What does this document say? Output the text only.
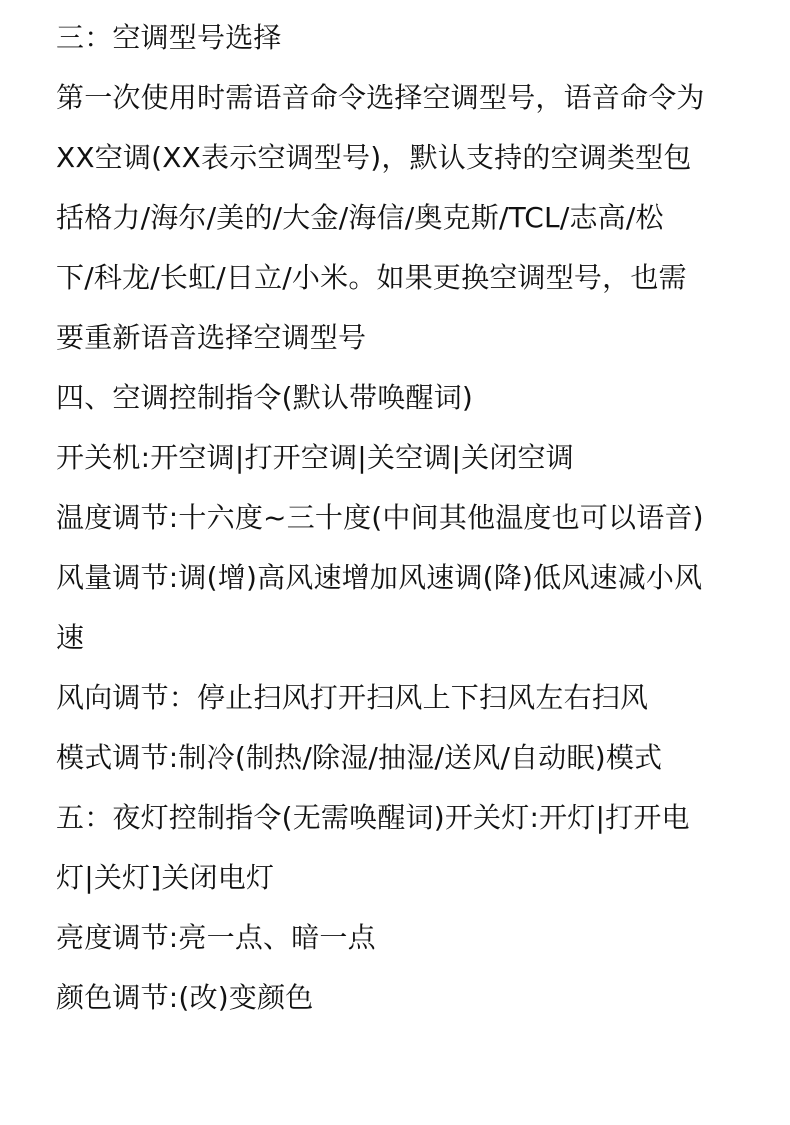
三：空调型号选择
第一次使用时需语音命令选择空调型号，语音命令为
XX空调(XX表示空调型号)，默认支持的空调类型包
括格力/海尔/美的/大金/海信/奥克斯/TCL/志高/松
下/科龙/长虹/日立/小米。如果更换空调型号，也需
要重新语音选择空调型号
四、空调控制指令(默认带唤醒词)
开关机:开空调|打开空调|关空调|关闭空调
温度调节:十六度~三十度(中间其他温度也可以语音)
风量调节:调(增)高风速增加风速调(降)低风速减小风
速
风向调节：停止扫风打开扫风上下扫风左右扫风
模式调节:制冷(制热/除湿/抽湿/送风/自动眠)模式
五：夜灯控制指令(无需唤醒词)开关灯:开灯|打开电
灯|关灯]关闭电灯
亮度调节:亮一点、暗一点
颜色调节:(改)变颜色
